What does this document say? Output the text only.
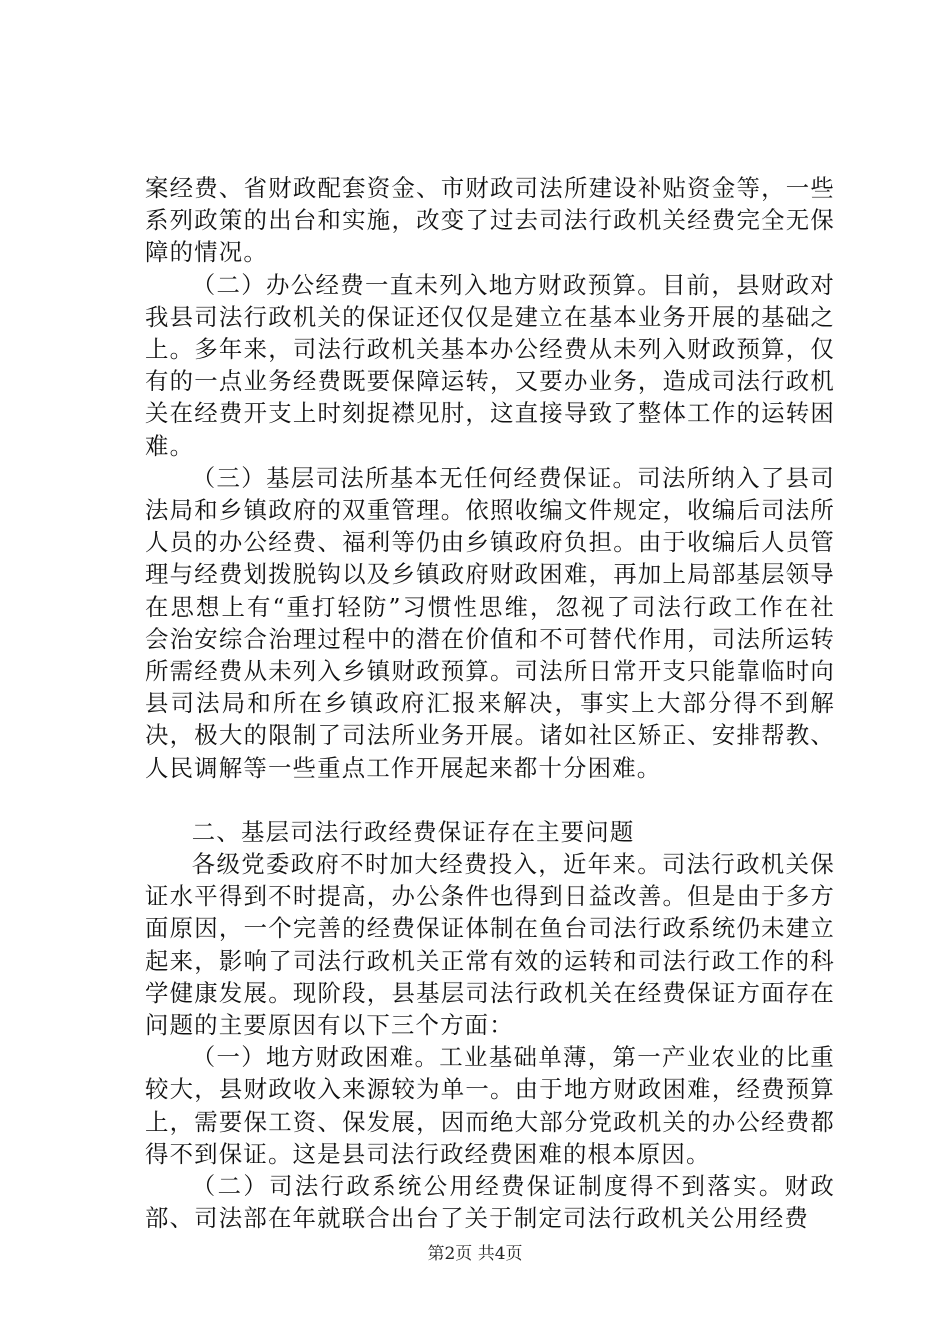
案经费、省财政配套资金、市财政司法所建设补贴资金等，一些系列政策的出台和实施，改变了过去司法行政机关经费完全无保障的情况。

（二）办公经费一直未列入地方财政预算。目前，县财政对我县司法行政机关的保证还仅仅是建立在基本业务开展的基础之上。多年来，司法行政机关基本办公经费从未列入财政预算，仅有的一点业务经费既要保障运转，又要办业务，造成司法行政机关在经费开支上时刻捉襟见肘，这直接导致了整体工作的运转困难。

（三）基层司法所基本无任何经费保证。司法所纳入了县司法局和乡镇政府的双重管理。依照收编文件规定，收编后司法所人员的办公经费、福利等仍由乡镇政府负担。由于收编后人员管理与经费划拨脱钩以及乡镇政府财政困难，再加上局部基层领导在思想上有“重打轻防”习惯性思维，忽视了司法行政工作在社会治安综合治理过程中的潜在价值和不可替代作用，司法所运转所需经费从未列入乡镇财政预算。司法所日常开支只能靠临时向县司法局和所在乡镇政府汇报来解决，事实上大部分得不到解决，极大的限制了司法所业务开展。诸如社区矫正、安排帮教、人民调解等一些重点工作开展起来都十分困难。

二、基层司法行政经费保证存在主要问题

各级党委政府不时加大经费投入，近年来。司法行政机关保证水平得到不时提高，办公条件也得到日益改善。但是由于多方面原因，一个完善的经费保证体制在鱼台司法行政系统仍未建立起来，影响了司法行政机关正常有效的运转和司法行政工作的科学健康发展。现阶段，县基层司法行政机关在经费保证方面存在问题的主要原因有以下三个方面：

（一）地方财政困难。工业基础单薄，第一产业农业的比重较大，县财政收入来源较为单一。由于地方财政困难，经费预算上，需要保工资、保发展，因而绝大部分党政机关的办公经费都得不到保证。这是县司法行政经费困难的根本原因。

（二）司法行政系统公用经费保证制度得不到落实。财政部、司法部在年就联合出台了关于制定司法行政机关公用经费

第2页 共4页
